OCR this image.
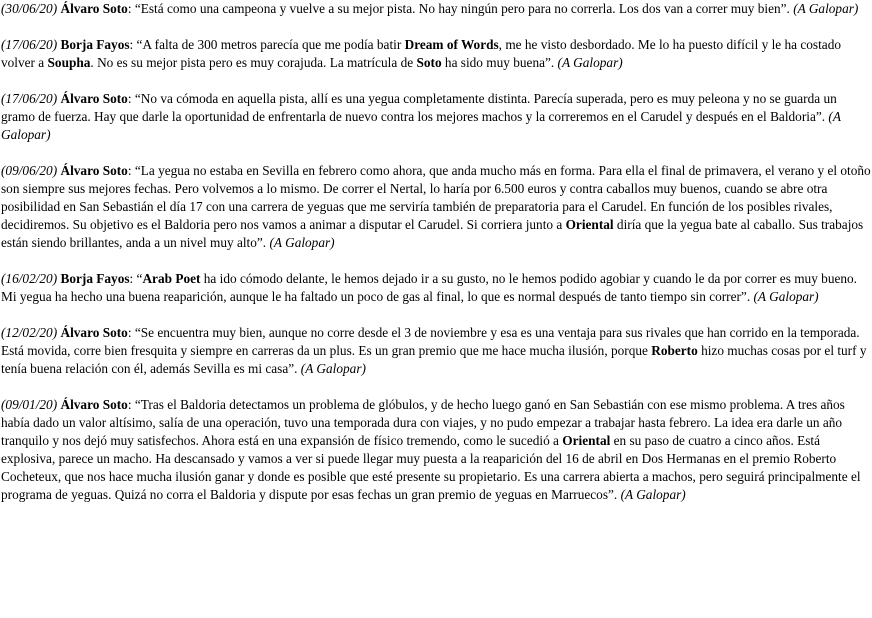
(30/06/20) Álvaro Soto: “Está como una campeona y vuelve a su mejor pista. No hay ningún pero para no correrla. Los dos van a correr muy bien”. (A Galopar)

(17/06/20) Borja Fayos: “A falta de 300 metros parecía que me podía batir Dream of Words, me he visto desbordado. Me lo ha puesto difícil y le ha costado volver a Soupha. No es su mejor pista pero es muy corajuda. La matrícula de Soto ha sido muy buena”. (A Galopar)

(17/06/20) Álvaro Soto: “No va cómoda en aquella pista, allí es una yegua completamente distinta. Parecía superada, pero es muy peleona y no se guarda un gramo de fuerza. Hay que darle la oportunidad de enfrentarla de nuevo contra los mejores machos y la correremos en el Carudel y después en el Baldoria”. (A Galopar)

(09/06/20) Álvaro Soto: “La yegua no estaba en Sevilla en febrero como ahora, que anda mucho más en forma. Para ella el final de primavera, el verano y el otoño son siempre sus mejores fechas. Pero volvemos a lo mismo. De correr el Nertal, lo haría por 6.500 euros y contra caballos muy buenos, cuando se abre otra posibilidad en San Sebastián el día 17 con una carrera de yeguas que me serviría también de preparatoria para el Carudel. En función de los posibles rivales, decidiremos. Su objetivo es el Baldoria pero nos vamos a animar a disputar el Carudel. Si corriera junto a Oriental diría que la yegua bate al caballo. Sus trabajos están siendo brillantes, anda a un nivel muy alto”. (A Galopar)

(16/02/20) Borja Fayos: “Arab Poet ha ido cómodo delante, le hemos dejado ir a su gusto, no le hemos podido agobiar y cuando le da por correr es muy bueno. Mi yegua ha hecho una buena reaparición, aunque le ha faltado un poco de gas al final, lo que es normal después de tanto tiempo sin correr”. (A Galopar)

(12/02/20) Álvaro Soto: “Se encuentra muy bien, aunque no corre desde el 3 de noviembre y esa es una ventaja para sus rivales que han corrido en la temporada. Está movida, corre bien fresquita y siempre en carreras da un plus. Es un gran premio que me hace mucha ilusión, porque Roberto hizo muchas cosas por el turf y tenía buena relación con él, además Sevilla es mi casa”. (A Galopar)

(09/01/20) Álvaro Soto: “Tras el Baldoria detectamos un problema de glóbulos, y de hecho luego ganó en San Sebastián con ese mismo problema. A tres años había dado un valor altísimo, salía de una operación, tuvo una temporada dura con viajes, y no pudo empezar a trabajar hasta febrero. La idea era darle un año tranquilo y nos dejó muy satisfechos. Ahora está en una expansión de físico tremendo, como le sucedió a Oriental en su paso de cuatro a cinco años. Está explosiva, parece un macho. Ha descansado y vamos a ver si puede llegar muy puesta a la reaparición del 16 de abril en Dos Hermanas en el premio Roberto Cocheteux, que nos hace mucha ilusión ganar y donde es posible que esté presente su propietario. Es una carrera abierta a machos, pero seguirá principalmente el programa de yeguas. Quizá no corra el Baldoria y dispute por esas fechas un gran premio de yeguas en Marruecos”. (A Galopar)
